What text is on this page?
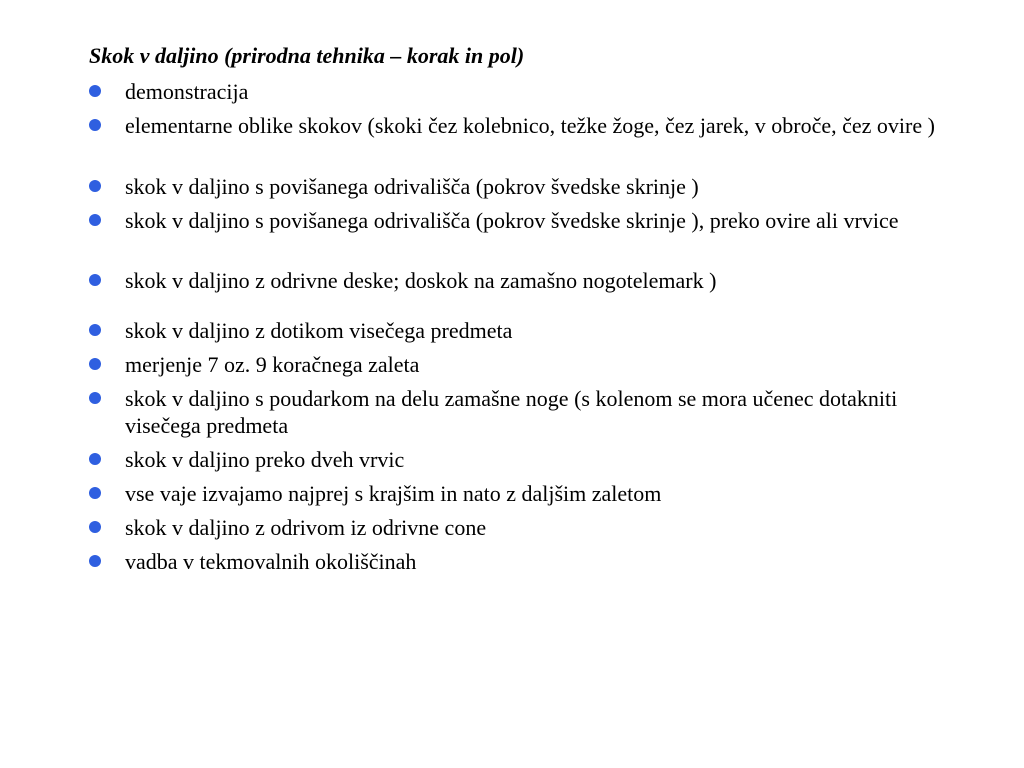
Skok v daljino (prirodna tehnika – korak in pol)
demonstracija
elementarne oblike skokov (skoki čez kolebnico, težke žoge, čez jarek, v obroče, čez ovire )
skok v daljino s povišanega odrivališča (pokrov švedske skrinje )
skok v daljino s povišanega odrivališča (pokrov švedske skrinje ), preko ovire ali vrvice
skok v daljino z odrivne deske; doskok na zamašno nogotelemark )
skok v daljino z dotikom visečega predmeta
merjenje 7 oz. 9 koračnega zaleta
skok v daljino s poudarkom na delu zamašne noge (s kolenom se mora učenec dotakniti visečega predmeta
skok v daljino preko dveh vrvic
vse vaje izvajamo najprej s krajšim in nato z daljšim zaletom
skok v daljino z odrivom iz odrivne cone
vadba v tekmovalnih okoliščinah
